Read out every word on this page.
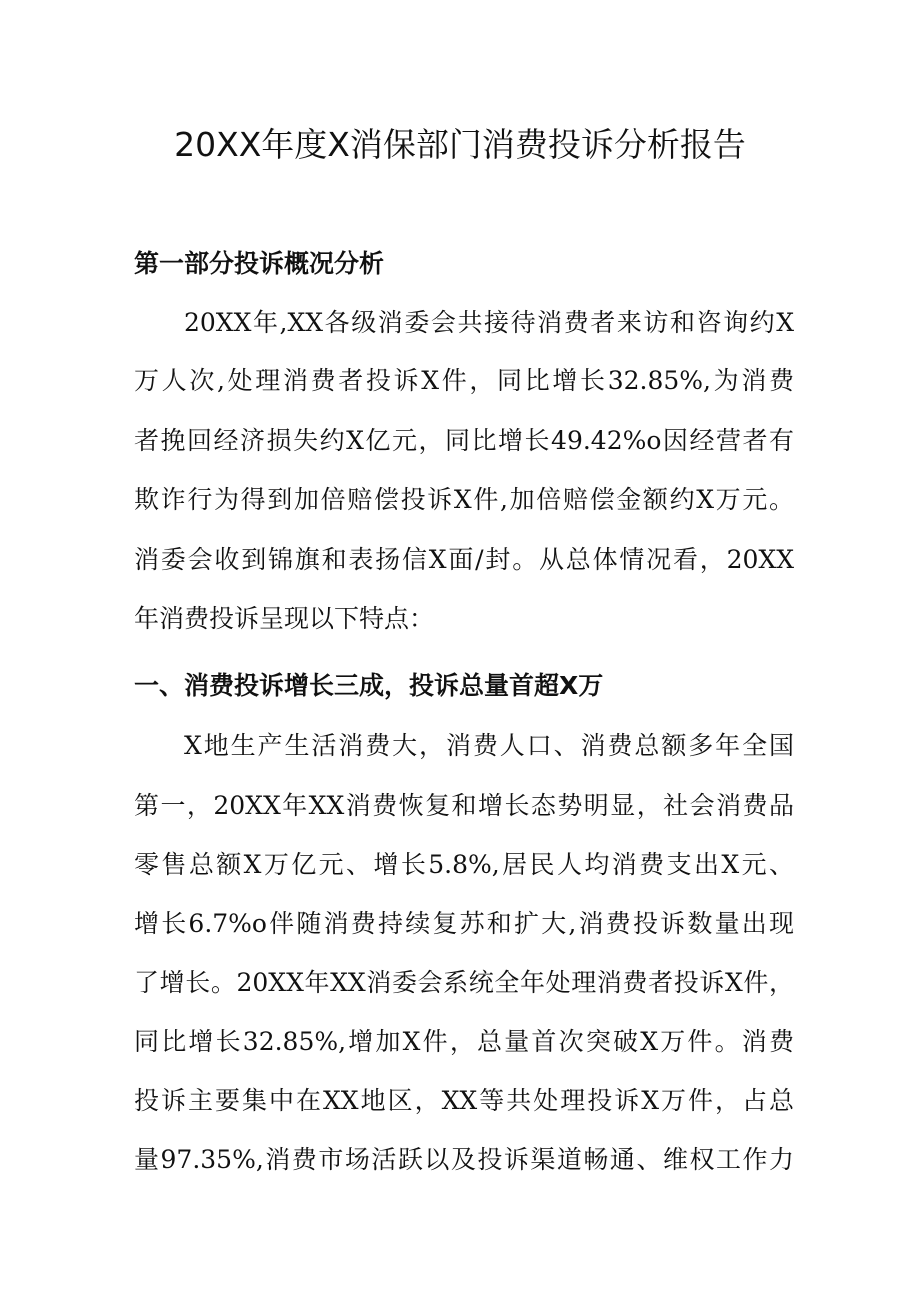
20XX年度X消保部门消费投诉分析报告
第一部分投诉概况分析
20XX年,XX各级消委会共接待消费者来访和咨询约X
万人次,处理消费者投诉X件，同比增长32.85%,为消费
者挽回经济损失约X亿元，同比增长49.42%o因经营者有
欺诈行为得到加倍赔偿投诉X件,加倍赔偿金额约X万元。
消委会收到锦旗和表扬信X面/封。从总体情况看，20XX
年消费投诉呈现以下特点：
一、消费投诉增长三成，投诉总量首超X万
X地生产生活消费大，消费人口、消费总额多年全国
第一，20XX年XX消费恢复和增长态势明显，社会消费品
零售总额X万亿元、增长5.8%,居民人均消费支出X元、
增长6.7%o伴随消费持续复苏和扩大,消费投诉数量出现
了增长。20XX年XX消委会系统全年处理消费者投诉X件，
同比增长32.85%,增加X件，总量首次突破X万件。消费
投诉主要集中在XX地区，XX等共处理投诉X万件，占总
量97.35%,消费市场活跃以及投诉渠道畅通、维权工作力
